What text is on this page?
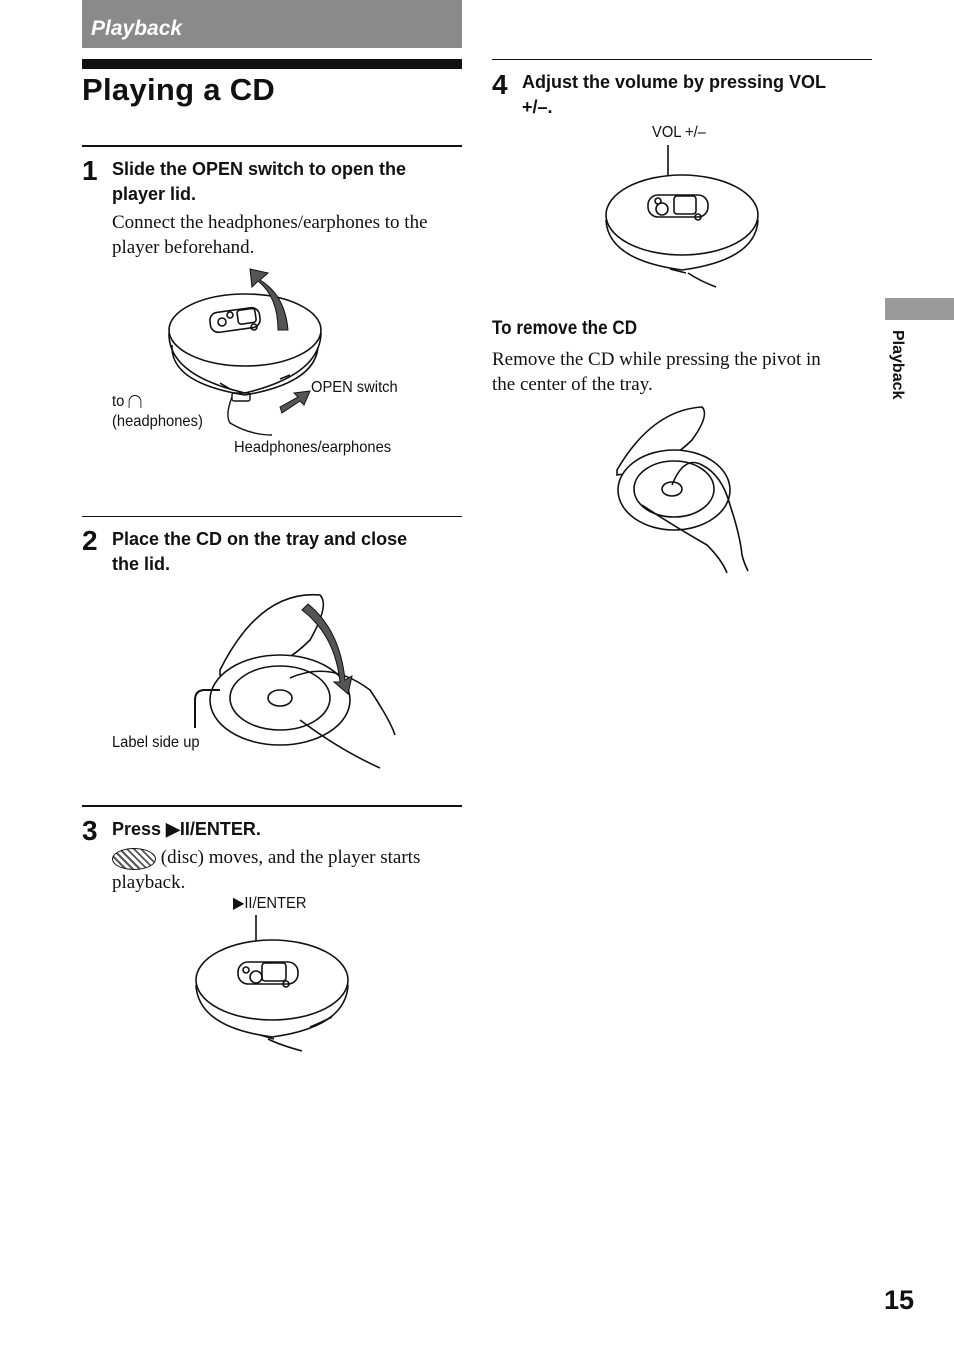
Playback
Playing a CD
1 Slide the OPEN switch to open the
player lid.
Connect the headphones/earphones to the
player beforehand.
OPEN switch
to
(headphones)
Headphones/earphones
2 Place the CD on the tray and close
the lid.
Label side up
3 Press ▶II/ENTER.
(disc) moves, and the player starts
playback.
▶II/ENTER
4 Adjust the volume by pressing VOL
+/–.
VOL +/–
To remove the CD
Remove the CD while pressing the pivot in
the center of the tray.	Playback
15
